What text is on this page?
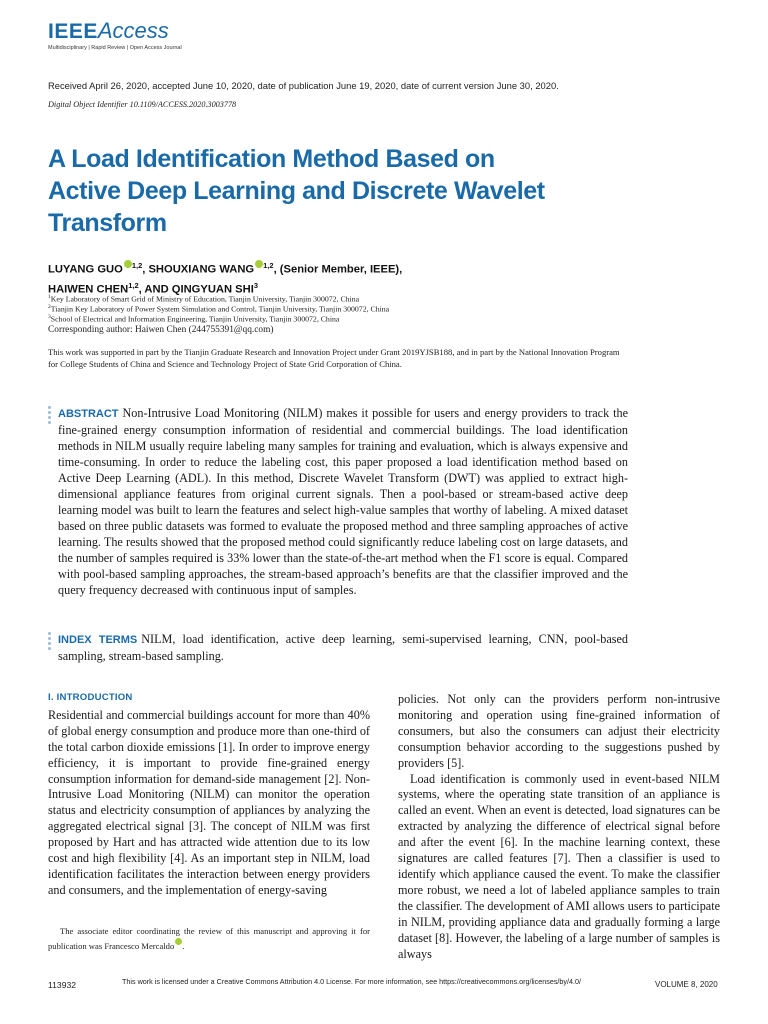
IEEEAccess
Multidisciplinary | Rapid Review | Open Access Journal
Received April 26, 2020, accepted June 10, 2020, date of publication June 19, 2020, date of current version June 30, 2020.
Digital Object Identifier 10.1109/ACCESS.2020.3003778
A Load Identification Method Based on Active Deep Learning and Discrete Wavelet Transform
LUYANG GUO $^{1,2}$, SHOUXIANG WANG $^{1,2}$, (Senior Member, IEEE),
HAIWEN CHEN$^{1,2}$, AND QINGYUAN SHI$^3$
$^1$Key Laboratory of Smart Grid of Ministry of Education, Tianjin University, Tianjin 300072, China
$^2$Tianjin Key Laboratory of Power System Simulation and Control, Tianjin University, Tianjin 300072, China
$^3$School of Electrical and Information Engineering, Tianjin University, Tianjin 300072, China
Corresponding author: Haiwen Chen (244755391@qq.com)
This work was supported in part by the Tianjin Graduate Research and Innovation Project under Grant 2019YJSB188, and in part by the National Innovation Program for College Students of China and Science and Technology Project of State Grid Corporation of China.
ABSTRACT Non-Intrusive Load Monitoring (NILM) makes it possible for users and energy providers to track the fine-grained energy consumption information of residential and commercial buildings. The load identification methods in NILM usually require labeling many samples for training and evaluation, which is always expensive and time-consuming. In order to reduce the labeling cost, this paper proposed a load identification method based on Active Deep Learning (ADL). In this method, Discrete Wavelet Transform (DWT) was applied to extract high-dimensional appliance features from original current signals. Then a pool-based or stream-based active deep learning model was built to learn the features and select high-value samples that worthy of labeling. A mixed dataset based on three public datasets was formed to evaluate the proposed method and three sampling approaches of active learning. The results showed that the proposed method could significantly reduce labeling cost on large datasets, and the number of samples required is 33% lower than the state-of-the-art method when the F1 score is equal. Compared with pool-based sampling approaches, the stream-based approach’s benefits are that the classifier improved and the query frequency decreased with continuous input of samples.
INDEX TERMS NILM, load identification, active deep learning, semi-supervised learning, CNN, pool-based sampling, stream-based sampling.
I. INTRODUCTION

Residential and commercial buildings account for more than 40% of global energy consumption and produce more than one-third of the total carbon dioxide emissions [1]. In order to improve energy efficiency, it is important to provide fine-grained energy consumption information for demand-side management [2]. Non-Intrusive Load Monitoring (NILM) can monitor the operation status and electricity consumption of appliances by analyzing the aggregated electrical signal [3]. The concept of NILM was first proposed by Hart and has attracted wide attention due to its low cost and high flexibility [4]. As an important step in NILM, load identification facilitates the interaction between energy providers and consumers, and the implementation of energy-saving

policies. Not only can the providers perform non-intrusive monitoring and operation using fine-grained information of consumers, but also the consumers can adjust their electricity consumption behavior according to the suggestions pushed by providers [5].

Load identification is commonly used in event-based NILM systems, where the operating state transition of an appliance is called an event. When an event is detected, load signatures can be extracted by analyzing the difference of electrical signal before and after the event [6]. In the machine learning context, these signatures are called features [7]. Then a classifier is used to identify which appliance caused the event. To make the classifier more robust, we need a lot of labeled appliance samples to train the classifier. The development of AMI allows users to participate in NILM, providing appliance data and gradually forming a large dataset [8]. However, the labeling of a large number of samples is always

The associate editor coordinating the review of this manuscript and approving it for publication was Francesco Mercaldo .
113932	This work is licensed under a Creative Commons Attribution 4.0 License. For more information, see https://creativecommons.org/licenses/by/4.0/	VOLUME 8, 2020
